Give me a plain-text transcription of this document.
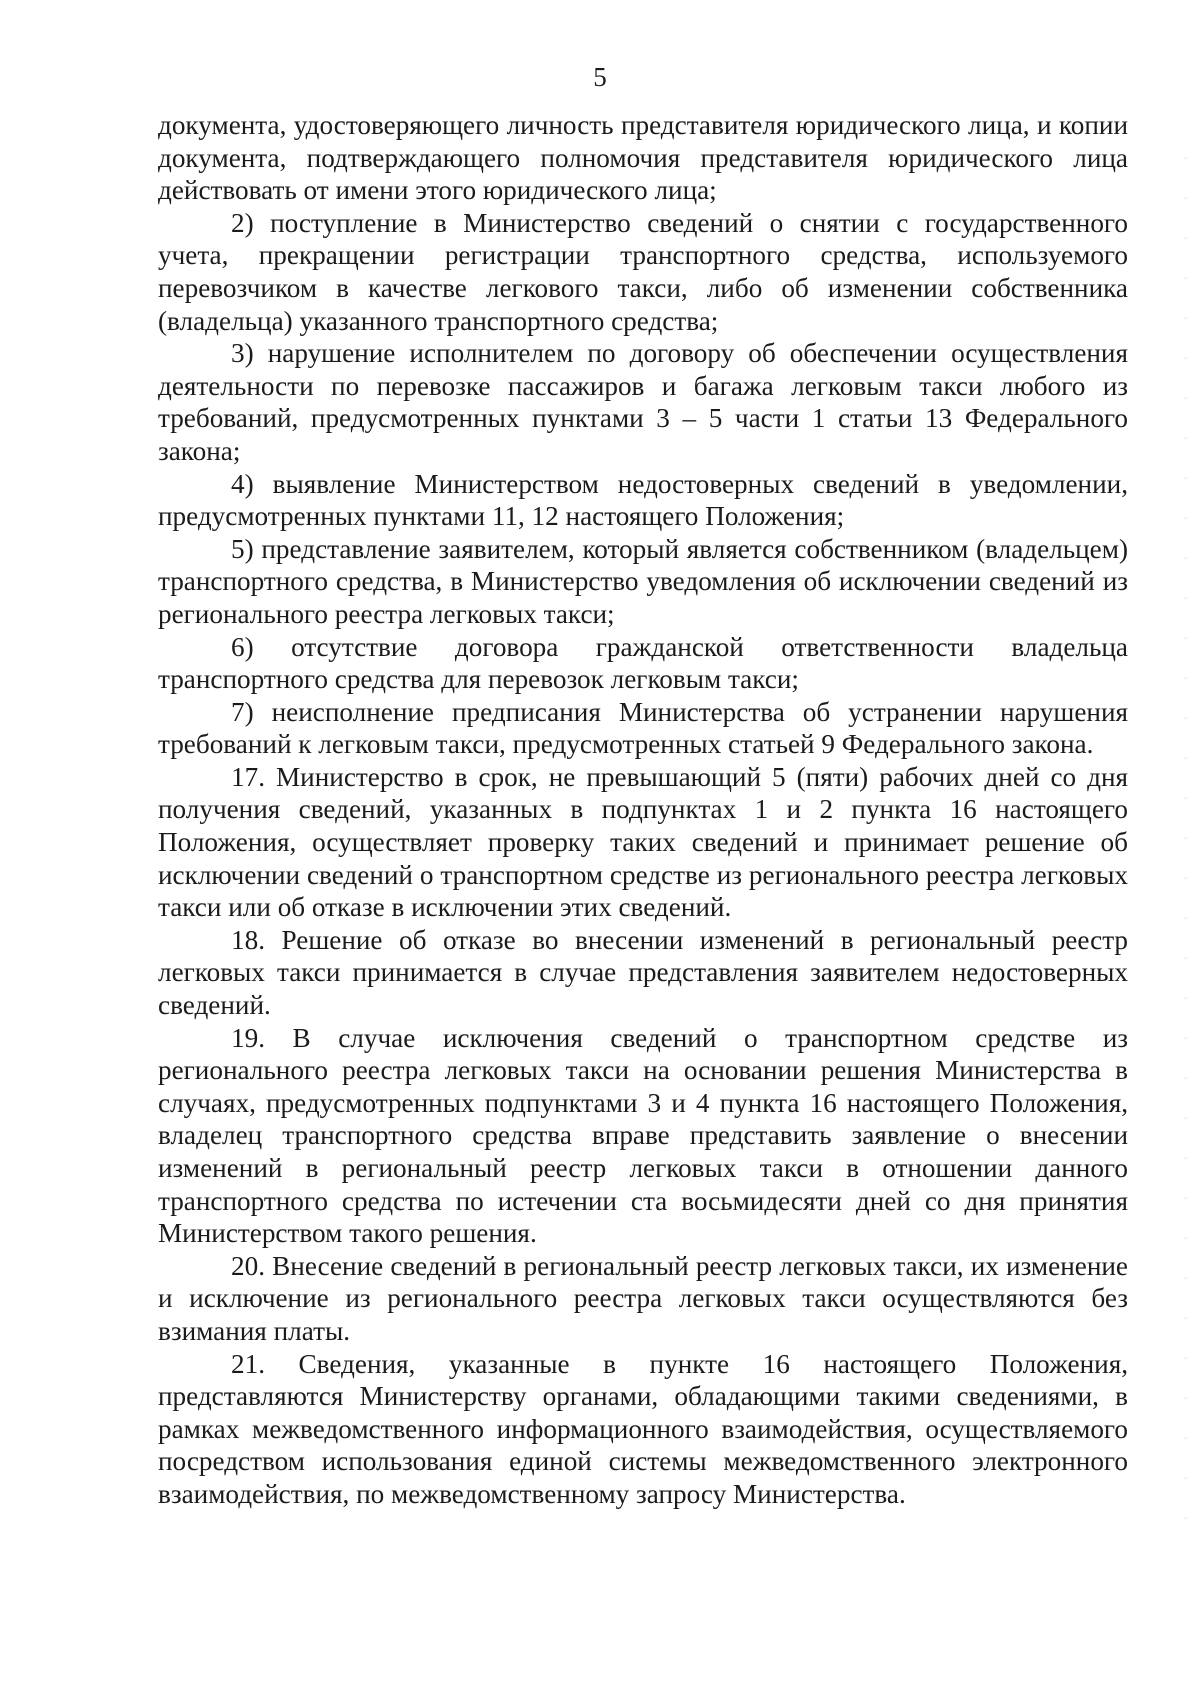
5

документа, удостоверяющего личность представителя юридического лица, и копии документа, подтверждающего полномочия представителя юридического лица действовать от имени этого юридического лица;

2) поступление в Министерство сведений о снятии с государственного учета, прекращении регистрации транспортного средства, используемого перевозчиком в качестве легкового такси, либо об изменении собственника (владельца) указанного транспортного средства;

3) нарушение исполнителем по договору об обеспечении осуществления деятельности по перевозке пассажиров и багажа легковым такси любого из требований, предусмотренных пунктами 3 – 5 части 1 статьи 13 Федерального закона;

4) выявление Министерством недостоверных сведений в уведомлении, предусмотренных пунктами 11, 12 настоящего Положения;

5) представление заявителем, который является собственником (владельцем) транспортного средства, в Министерство уведомления об исключении сведений из регионального реестра легковых такси;

6) отсутствие договора гражданской ответственности владельца транспортного средства для перевозок легковым такси;

7) неисполнение предписания Министерства об устранении нарушения требований к легковым такси, предусмотренных статьей 9 Федерального закона.

17. Министерство в срок, не превышающий 5 (пяти) рабочих дней со дня получения сведений, указанных в подпунктах 1 и 2 пункта 16 настоящего Положения, осуществляет проверку таких сведений и принимает решение об исключении сведений о транспортном средстве из регионального реестра легковых такси или об отказе в исключении этих сведений.

18. Решение об отказе во внесении изменений в региональный реестр легковых такси принимается в случае представления заявителем недостоверных сведений.

19. В случае исключения сведений о транспортном средстве из регионального реестра легковых такси на основании решения Министерства в случаях, предусмотренных подпунктами 3 и 4 пункта 16 настоящего Положения, владелец транспортного средства вправе представить заявление о внесении изменений в региональный реестр легковых такси в отношении данного транспортного средства по истечении ста восьмидесяти дней со дня принятия Министерством такого решения.

20. Внесение сведений в региональный реестр легковых такси, их изменение и исключение из регионального реестра легковых такси осуществляются без взимания платы.

21. Сведения, указанные в пункте 16 настоящего Положения, представляются Министерству органами, обладающими такими сведениями, в рамках межведомственного информационного взаимодействия, осуществляемого посредством использования единой системы межведомственного электронного взаимодействия, по межведомственному запросу Министерства.
